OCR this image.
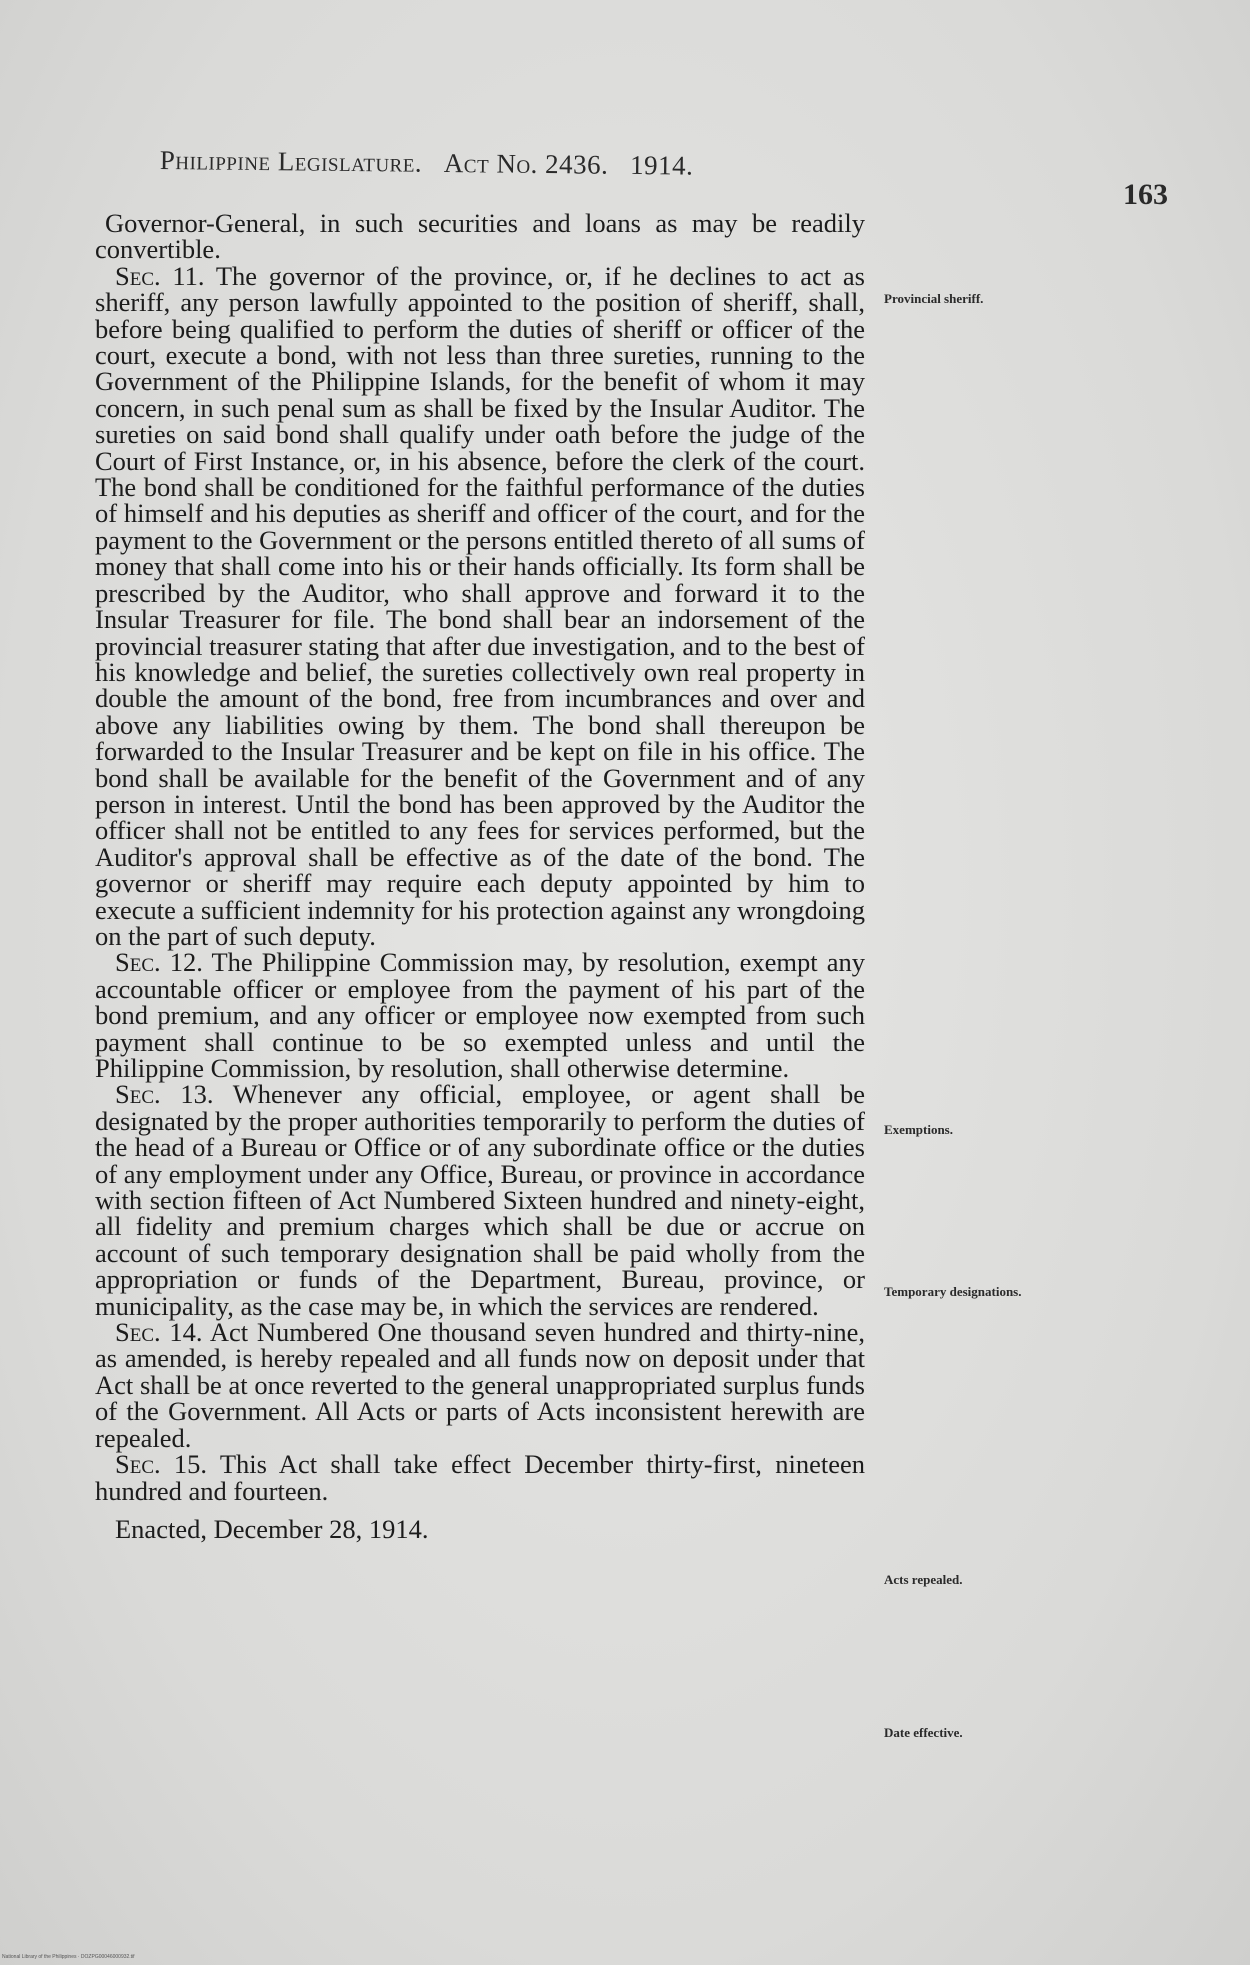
Philippine Legislature. Act No. 2436. 1914.
163

Governor-General, in such securities and loans as may be readily convertible.

Sec. 11. The governor of the province, or, if he declines to act as sheriff, any person lawfully appointed to the position of sheriff, shall, before being qualified to perform the duties of sheriff or officer of the court, execute a bond, with not less than three sureties, running to the Government of the Philippine Islands, for the benefit of whom it may concern, in such penal sum as shall be fixed by the Insular Auditor. The sureties on said bond shall qualify under oath before the judge of the Court of First Instance, or, in his absence, before the clerk of the court. The bond shall be conditioned for the faithful performance of the duties of himself and his deputies as sheriff and officer of the court, and for the payment to the Government or the persons entitled thereto of all sums of money that shall come into his or their hands officially. Its form shall be prescribed by the Auditor, who shall approve and forward it to the Insular Treasurer for file. The bond shall bear an indorsement of the provincial treasurer stating that after due investigation, and to the best of his knowledge and belief, the sureties collectively own real property in double the amount of the bond, free from incumbrances and over and above any liabilities owing by them. The bond shall thereupon be forwarded to the Insular Treasurer and be kept on file in his office. The bond shall be available for the benefit of the Government and of any person in interest. Until the bond has been approved by the Auditor the officer shall not be entitled to any fees for services performed, but the Auditor's approval shall be effective as of the date of the bond. The governor or sheriff may require each deputy appointed by him to execute a sufficient indemnity for his protection against any wrongdoing on the part of such deputy.

Sec. 12. The Philippine Commission may, by resolution, exempt any accountable officer or employee from the payment of his part of the bond premium, and any officer or employee now exempted from such payment shall continue to be so exempted unless and until the Philippine Commission, by resolution, shall otherwise determine.

Sec. 13. Whenever any official, employee, or agent shall be designated by the proper authorities temporarily to perform the duties of the head of a Bureau or Office or of any subordinate office or the duties of any employment under any Office, Bureau, or province in accordance with section fifteen of Act Numbered Sixteen hundred and ninety-eight, all fidelity and premium charges which shall be due or accrue on account of such temporary designation shall be paid wholly from the appropriation or funds of the Department, Bureau, province, or municipality, as the case may be, in which the services are rendered.

Sec. 14. Act Numbered One thousand seven hundred and thirty-nine, as amended, is hereby repealed and all funds now on deposit under that Act shall be at once reverted to the general unappropriated surplus funds of the Government. All Acts or parts of Acts inconsistent herewith are repealed.

Sec. 15. This Act shall take effect December thirty-first, nineteen hundred and fourteen.

Enacted, December 28, 1914.

Provincial sheriff.
Exemptions.
Temporary designations.
Acts repealed.
Date effective.
National Library of the Philippines · DOZPG00046000932.tif
